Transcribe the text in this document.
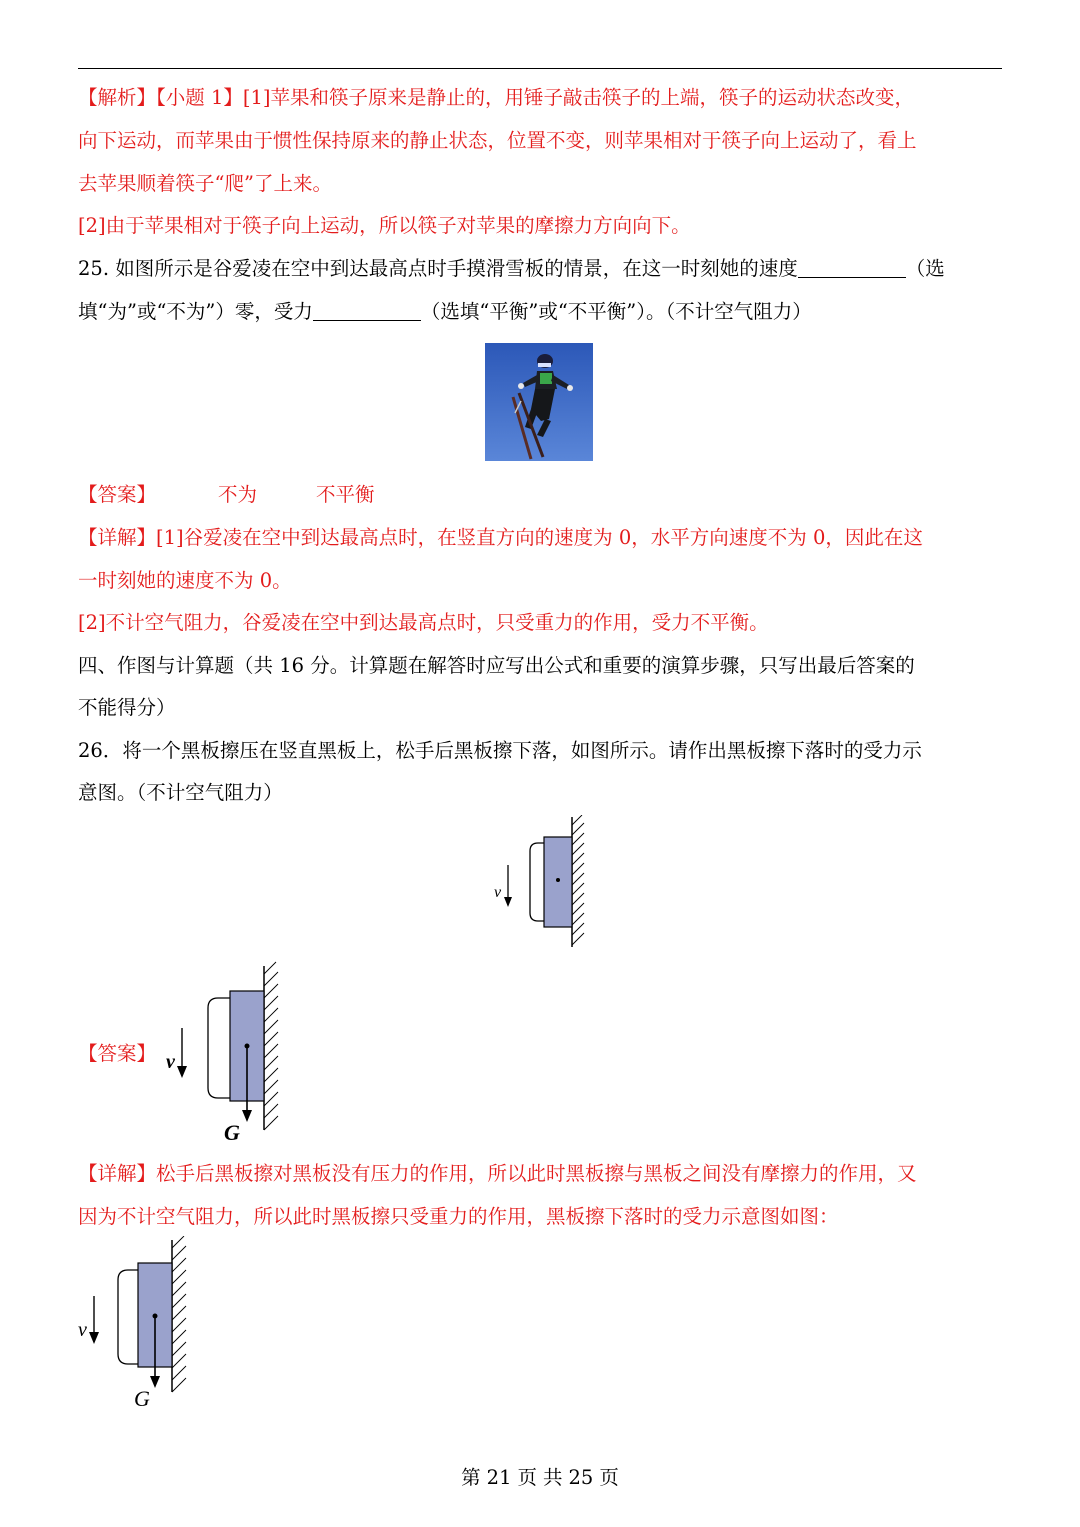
【解析】【小题 1】[1]苹果和筷子原来是静止的，用锤子敲击筷子的上端，筷子的运动状态改变，
向下运动，而苹果由于惯性保持原来的静止状态，位置不变，则苹果相对于筷子向上运动了，看上
去苹果顺着筷子“爬”了上来。
[2]由于苹果相对于筷子向上运动，所以筷子对苹果的摩擦力方向向下。
25. 如图所示是谷爱凌在空中到达最高点时手摸滑雪板的情景，在这一时刻她的速度	（选
填“为”或“不为”）零，受力	（选填“平衡”或“不平衡”）。（不计空气阻力）
【答案】	不为	不平衡
【详解】[1]谷爱凌在空中到达最高点时，在竖直方向的速度为 0，水平方向速度不为 0，因此在这
一时刻她的速度不为 0。
[2]不计空气阻力，谷爱凌在空中到达最高点时，只受重力的作用，受力不平衡。
四、作图与计算题（共 16 分。计算题在解答时应写出公式和重要的演算步骤，只写出最后答案的
不能得分）
26．将一个黑板擦压在竖直黑板上，松手后黑板擦下落，如图所示。请作出黑板擦下落时的受力示
意图。（不计空气阻力）
v
【答案】 v
G
【详解】松手后黑板擦对黑板没有压力的作用，所以此时黑板擦与黑板之间没有摩擦力的作用，又
因为不计空气阻力，所以此时黑板擦只受重力的作用，黑板擦下落时的受力示意图如图：
v
G
第 21 页 共 25 页
